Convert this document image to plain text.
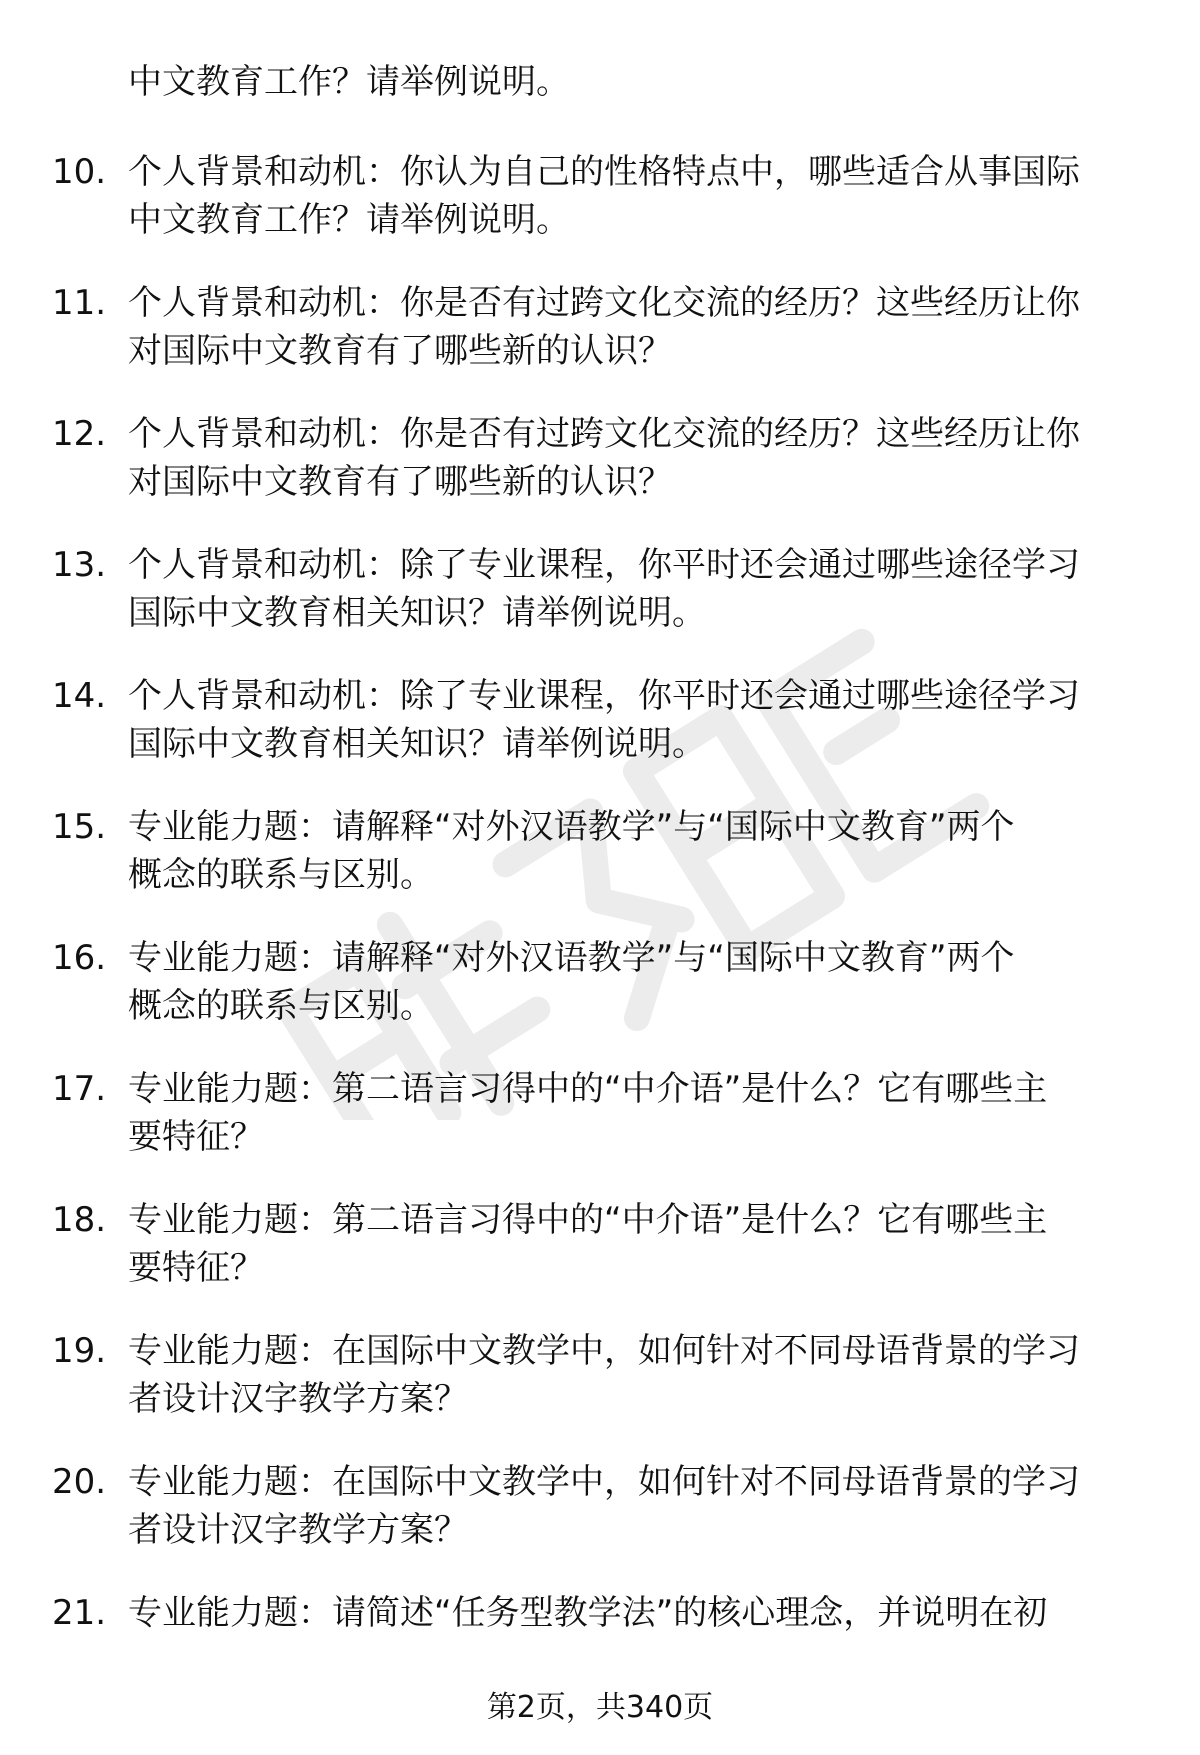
中文教育工作？请举例说明。
10. 个人背景和动机：你认为自己的性格特点中，哪些适合从事国际
中文教育工作？请举例说明。
11. 个人背景和动机：你是否有过跨文化交流的经历？这些经历让你
对国际中文教育有了哪些新的认识？
12. 个人背景和动机：你是否有过跨文化交流的经历？这些经历让你
对国际中文教育有了哪些新的认识？
13. 个人背景和动机：除了专业课程，你平时还会通过哪些途径学习
国际中文教育相关知识？请举例说明。
14. 个人背景和动机：除了专业课程，你平时还会通过哪些途径学习
国际中文教育相关知识？请举例说明。
15. 专业能力题：请解释“对外汉语教学”与“国际中文教育”两个
概念的联系与区别。
16. 专业能力题：请解释“对外汉语教学”与“国际中文教育”两个
概念的联系与区别。
17. 专业能力题：第二语言习得中的“中介语”是什么？它有哪些主
要特征？
18. 专业能力题：第二语言习得中的“中介语”是什么？它有哪些主
要特征？
19. 专业能力题：在国际中文教学中，如何针对不同母语背景的学习
者设计汉字教学方案？
20. 专业能力题：在国际中文教学中，如何针对不同母语背景的学习
者设计汉字教学方案？
21. 专业能力题：请简述“任务型教学法”的核心理念，并说明在初
第2页，共340页
